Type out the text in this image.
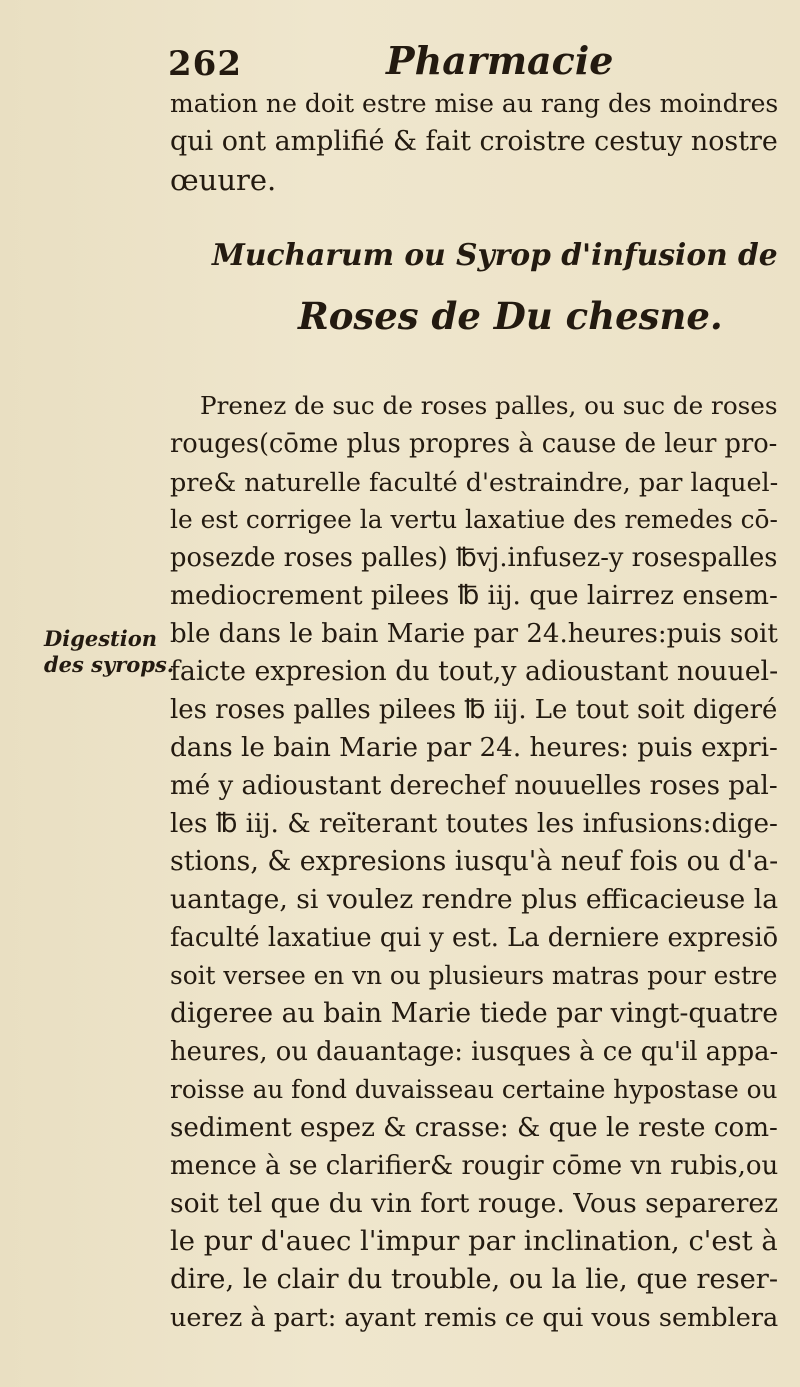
262	Pharmacie
mation ne doit estre mise au rang des moindres
qui ont amplifié & fait croistre cestuy nostre
œuure.
Mucharum ou Syrop d'infusion de
Roses de Du chesne.
Prenez de suc de roses palles, ou suc de roses
rouges(cōme plus propres à cause de leur pro-
pre& naturelle faculté d'estraindre, par laquel-
le est corrigee la vertu laxatiue des remedes cō-
posezde roses palles) ℔vj.infusez-y rosespalles
mediocrement pilees ℔ iij. que lairrez ensem-
ble dans le bain Marie par 24.heures:puis soit
faicte expresion du tout,y adioustant nouuel-
les roses palles pilees ℔ iij. Le tout soit digeré
dans le bain Marie par 24. heures: puis expri-
mé y adioustant derechef nouuelles roses pal-
les ℔ iij. & reïterant toutes les infusions:dige-
stions, & expresions iusqu'à neuf fois ou d'a-
uantage, si voulez rendre plus efficacieuse la
faculté laxatiue qui y est. La derniere expresiō
soit versee en vn ou plusieurs matras pour estre
digeree au bain Marie tiede par vingt-quatre
heures, ou dauantage: iusques à ce qu'il appa-
roisse au fond duvaisseau certaine hypostase ou
sediment espez & crasse: & que le reste com-
mence à se clarifier& rougir cōme vn rubis,ou
soit tel que du vin fort rouge. Vous separerez
le pur d'auec l'impur par inclination, c'est à
dire, le clair du trouble, ou la lie, que reser-
uerez à part: ayant remis ce qui vous semblera
Digestion
des syrops.
